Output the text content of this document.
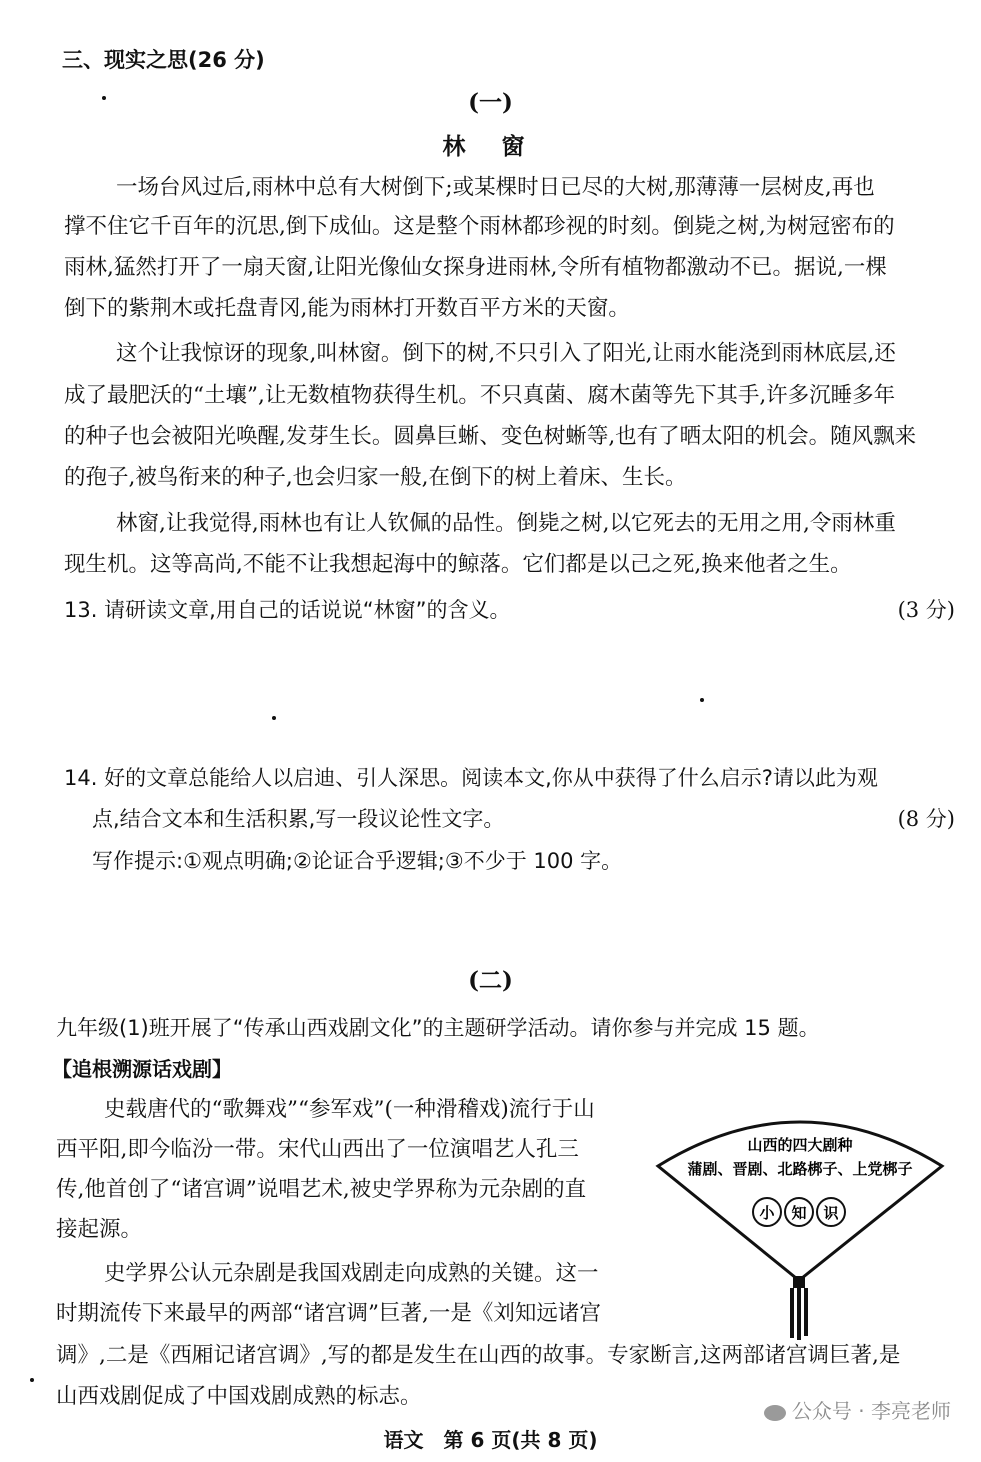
三、现实之思(26 分)
(一)
林 窗
一场台风过后,雨林中总有大树倒下;或某棵时日已尽的大树,那薄薄一层树皮,再也
撑不住它千百年的沉思,倒下成仙。这是整个雨林都珍视的时刻。倒毙之树,为树冠密布的
雨林,猛然打开了一扇天窗,让阳光像仙女探身进雨林,令所有植物都激动不已。据说,一棵
倒下的紫荆木或托盘青冈,能为雨林打开数百平方米的天窗。
这个让我惊讶的现象,叫林窗。倒下的树,不只引入了阳光,让雨水能浇到雨林底层,还
成了最肥沃的“土壤”,让无数植物获得生机。不只真菌、腐木菌等先下其手,许多沉睡多年
的种子也会被阳光唤醒,发芽生长。圆鼻巨蜥、变色树蜥等,也有了晒太阳的机会。随风飘来
的孢子,被鸟衔来的种子,也会归家一般,在倒下的树上着床、生长。
林窗,让我觉得,雨林也有让人钦佩的品性。倒毙之树,以它死去的无用之用,令雨林重
现生机。这等高尚,不能不让我想起海中的鲸落。它们都是以己之死,换来他者之生。
13. 请研读文章,用自己的话说说“林窗”的含义。	(3 分)
14. 好的文章总能给人以启迪、引人深思。阅读本文,你从中获得了什么启示?请以此为观
点,结合文本和生活积累,写一段议论性文字。	(8 分)
写作提示:①观点明确;②论证合乎逻辑;③不少于 100 字。
(二)
九年级(1)班开展了“传承山西戏剧文化”的主题研学活动。请你参与并完成 15 题。
【追根溯源话戏剧】
史载唐代的“歌舞戏”“参军戏”(一种滑稽戏)流行于山
西平阳,即今临汾一带。宋代山西出了一位演唱艺人孔三
传,他首创了“诸宫调”说唱艺术,被史学界称为元杂剧的直
接起源。
史学界公认元杂剧是我国戏剧走向成熟的关键。这一
时期流传下来最早的两部“诸宫调”巨著,一是《刘知远诸宫
调》,二是《西厢记诸宫调》,写的都是发生在山西的故事。专家断言,这两部诸宫调巨著,是
山西戏剧促成了中国戏剧成熟的标志。
山西的四大剧种
蒲剧、晋剧、北路梆子、上党梆子
小 知 识
公众号 · 李亮老师
语文　第 6 页(共 8 页)
